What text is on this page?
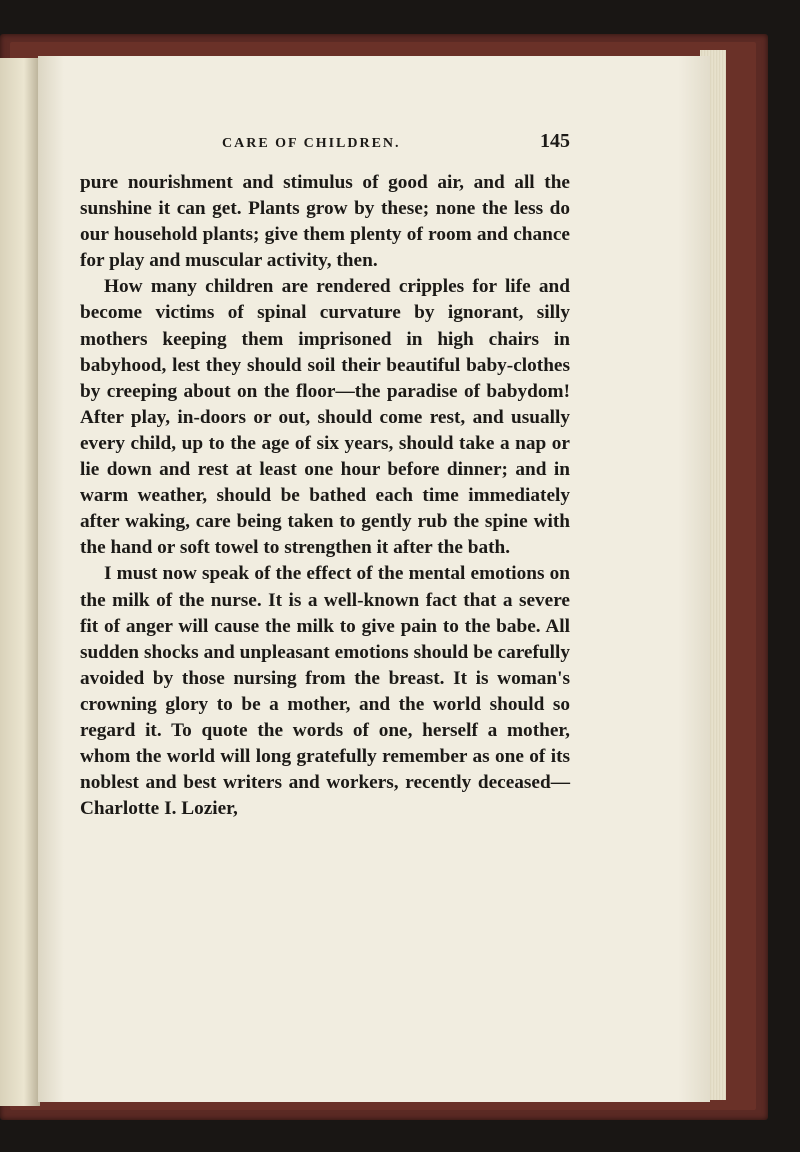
CARE OF CHILDREN.	145

pure nourishment and stimulus of good air, and all the sunshine it can get. Plants grow by these; none the less do our household plants; give them plenty of room and chance for play and muscular activity, then.

How many children are rendered cripples for life and become victims of spinal curvature by ignorant, silly mothers keeping them imprisoned in high chairs in babyhood, lest they should soil their beautiful baby-clothes by creeping about on the floor—the paradise of babydom! After play, in-doors or out, should come rest, and usually every child, up to the age of six years, should take a nap or lie down and rest at least one hour before dinner; and in warm weather, should be bathed each time immediately after waking, care being taken to gently rub the spine with the hand or soft towel to strengthen it after the bath.

I must now speak of the effect of the mental emotions on the milk of the nurse. It is a well-known fact that a severe fit of anger will cause the milk to give pain to the babe. All sudden shocks and unpleasant emotions should be carefully avoided by those nursing from the breast. It is woman's crowning glory to be a mother, and the world should so regard it. To quote the words of one, herself a mother, whom the world will long gratefully remember as one of its noblest and best writers and workers, recently deceased—Charlotte I. Lozier,
